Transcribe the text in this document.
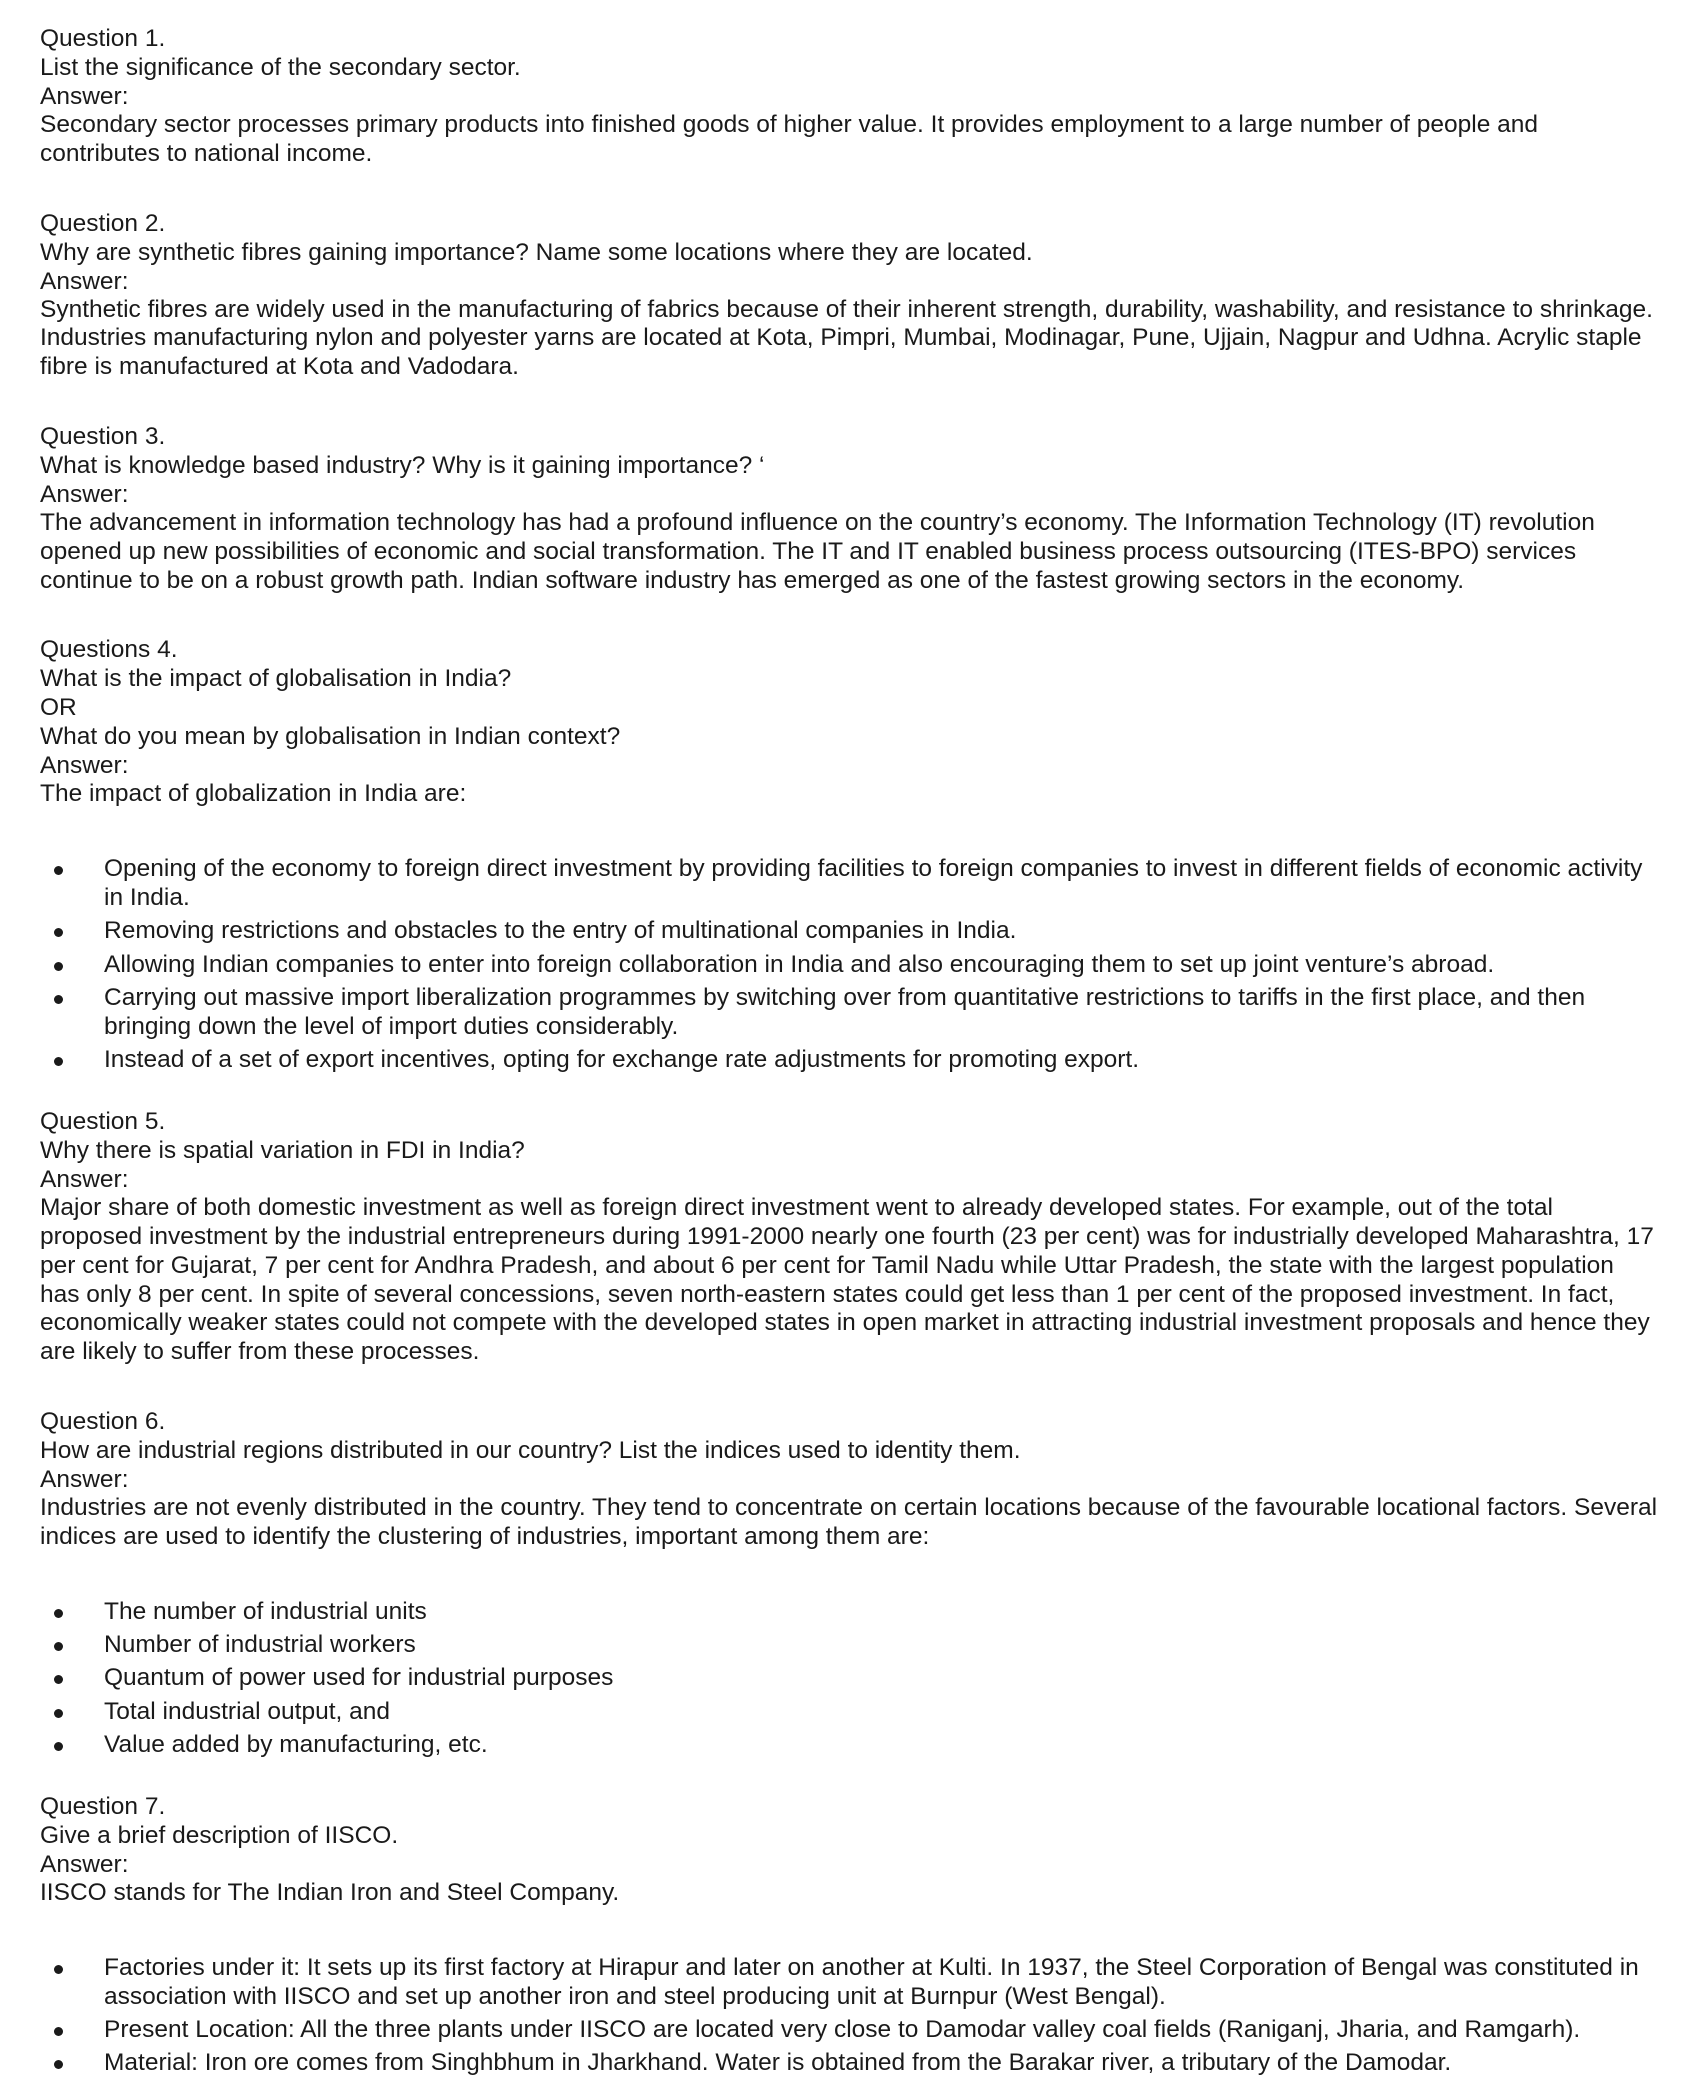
Question 1.

List the significance of the secondary sector.

Answer:

Secondary sector processes primary products into finished goods of higher value. It provides employment to a large number of people and contributes to national income.

Question 2.

Why are synthetic fibres gaining importance? Name some locations where they are located.

Answer:

Synthetic fibres are widely used in the manufacturing of fabrics because of their inherent strength, durability, washability, and resistance to shrinkage. Industries manufacturing nylon and polyester yarns are located at Kota, Pimpri, Mumbai, Modinagar, Pune, Ujjain, Nagpur and Udhna. Acrylic staple fibre is manufactured at Kota and Vadodara.

Question 3.

What is knowledge based industry? Why is it gaining importance? ‘

Answer:

The advancement in information technology has had a profound influence on the country’s economy. The Information Technology (IT) revolution opened up new possibilities of economic and social transformation. The IT and IT enabled business process outsourcing (ITES-BPO) services continue to be on a robust growth path. Indian software industry has emerged as one of the fastest growing sectors in the economy.

Questions 4.

What is the impact of globalisation in India?

OR

What do you mean by globalisation in Indian context?

Answer:

The impact of globalization in India are:

Opening of the economy to foreign direct investment by providing facilities to foreign companies to invest in different fields of economic activity in India.
Removing restrictions and obstacles to the entry of multinational companies in India.
Allowing Indian companies to enter into foreign collaboration in India and also encouraging them to set up joint venture’s abroad.
Carrying out massive import liberalization programmes by switching over from quantitative restrictions to tariffs in the first place, and then bringing down the level of import duties considerably.
Instead of a set of export incentives, opting for exchange rate adjustments for promoting export.

Question 5.

Why there is spatial variation in FDI in India?

Answer:

Major share of both domestic investment as well as foreign direct investment went to already developed states. For example, out of the total proposed investment by the industrial entrepreneurs during 1991-2000 nearly one fourth (23 per cent) was for industrially developed Maharashtra, 17 per cent for Gujarat, 7 per cent for Andhra Pradesh, and about 6 per cent for Tamil Nadu while Uttar Pradesh, the state with the largest population has only 8 per cent. In spite of several concessions, seven north-eastern states could get less than 1 per cent of the proposed investment. In fact, economically weaker states could not compete with the developed states in open market in attracting industrial investment proposals and hence they are likely to suffer from these processes.

Question 6.

How are industrial regions distributed in our country? List the indices used to identity them.

Answer:

Industries are not evenly distributed in the country. They tend to concentrate on certain locations because of the favourable locational factors. Several indices are used to identify the clustering of industries, important among them are:

The number of industrial units
Number of industrial workers
Quantum of power used for industrial purposes
Total industrial output, and
Value added by manufacturing, etc.

Question 7.

Give a brief description of IISCO.

Answer:

IISCO stands for The Indian Iron and Steel Company.

Factories under it: It sets up its first factory at Hirapur and later on another at Kulti. In 1937, the Steel Corporation of Bengal was constituted in association with IISCO and set up another iron and steel producing unit at Burnpur (West Bengal).
Present Location: All the three plants under IISCO are located very close to Damodar valley coal fields (Raniganj, Jharia, and Ramgarh).
Material: Iron ore comes from Singhbhum in Jharkhand. Water is obtained from the Barakar river, a tributary of the Damodar.
